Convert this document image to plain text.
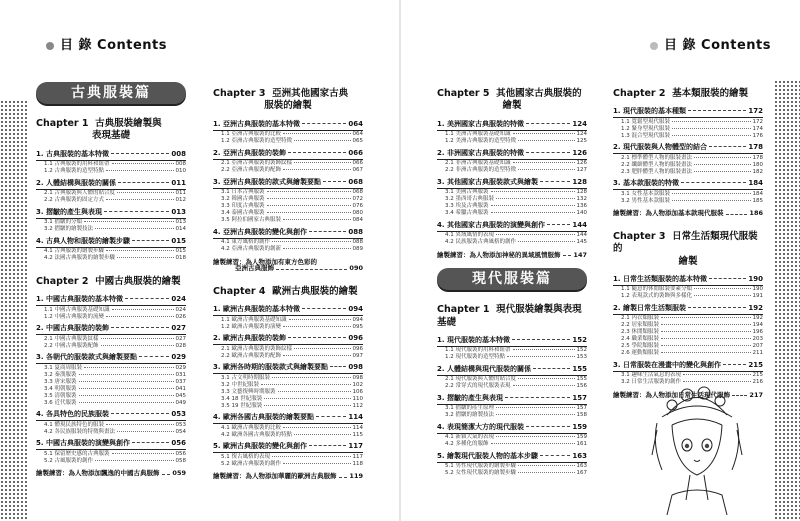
目 錄 Contents	目 錄 Contents
古典服裝篇
Chapter 1 古典服裝繪製與
表現基礎
1. 古典服裝的基本特徵	008
1.1 古典服裝的用料和紐帶	008
1.2 古典服裝的造型特點	010
2. 人體結構與服裝的關係	011
2.1 古典服裝與人體的貼合度	011
2.2 古典服裝的固定方式	012
3. 摺皺的產生與表現	013
3.1 摺皺的分類	013
3.2 摺皺的繪製技法	014
4. 古典人物和服裝的繪製步驟	015
4.1 古典服裝的繪製步驟	015
4.2 法國古典服裝的繪製步驟	018
Chapter 2 中國古典服裝的繪製
1. 中國古典服裝的基本特徵	024
1.1 中國古典服裝基礎知識	024
1.2 中國古典服裝的流變	026
2. 中國古典服裝的裝飾	027
2.1 中國古典服裝紋樣	027
2.2 中國古典服裝配飾	028
3. 各朝代的服裝款式與繪製要點	029
3.1 夏商周服裝	029
3.2 秦漢服裝	031
3.3 唐宋服裝	037
3.4 明朝服裝	041
3.5 清朝服裝	045
3.6 近代服裝	049
4. 各具特色的民族服裝	053
4.1 體現民族特色的服裝	053
4.2 各民族服裝的特徵與畫法	054
5. 中國古典服裝的演變與創作	056
5.1 保留歷史感的古典服裝	056
5.2 古風服裝的創作	058
繪製練習：為人物添加飄逸的中國古典服飾 059
Chapter 3 亞洲其他國家古典
服裝的繪製
1. 亞洲古典服裝的基本特徵	064
1.1 亞洲古典服裝的比較	064
1.2 亞洲古典服裝的造型特徵	065
2. 亞洲古典服裝的裝飾	066
2.1 亞洲古典服裝的裝飾紋樣	066
2.2 亞洲古典服裝的配飾	067
3. 亞洲古典服裝的款式與繪製要點	068
3.1 日本古典服裝	068
3.2 韓國古典服裝	072
3.3 印度古典服裝	076
3.4 泰國古典服裝	080
3.5 阿拉伯國家古典服裝	084
4. 亞洲古典服裝的變化與創作	088
4.1 東方風格的創作	088
4.2 亞洲古典服裝的創新	089
繪製練習：為人物添加有東方色彩的
亞洲古典服飾	090
Chapter 4 歐洲古典服裝的繪製
1. 歐洲古典服裝的基本特徵	094
1.1 歐洲古典服裝基礎知識	094
1.2 歐洲古典服裝的演變	095
2. 歐洲古典服裝的裝飾	096
2.1 歐洲古典服裝的裝飾紋樣	096
2.2 歐洲古典服裝的配飾	097
3. 歐洲各時期的服裝款式與繪製要點	098
3.1 古文明時期服裝	098
3.2 中世紀服裝	102
3.3 文藝復興時期服裝	106
3.4 18 世紀服裝	110
3.5 19 世紀服裝	112
4. 歐洲各國古典服裝的繪製要點	114
4.1 歐洲古典服裝的比較	114
4.2 歐洲各國古典服裝的特點	115
5. 歐洲古典服裝的變化與創作	117
5.1 復古風格的表現	117
5.2 歐洲古典服裝的創作	118
繪製練習：為人物添加華麗的歐洲古典服飾 119
Chapter 5 其他國家古典服裝的
繪製
1. 美洲國家古典服裝的特徵	124
1.1 美洲古典服裝基礎知識	124
1.2 美洲古典服裝的造型特徵	125
2. 非洲國家古典服裝的特徵	126
2.1 非洲古典服裝基礎知識	126
2.2 非洲古典服裝的造型特徵	127
3. 其他國家古典服裝款式與繪製	128
3.1 美國古典服裝	128
3.2 墨西哥古典服裝	132
3.3 埃及古典服裝	136
3.4 希臘古典服裝	140
4. 其他國家古典服裝的演變與創作	144
4.1 異域風情的表現	144
4.2 民族服裝古典風格的創作	145
繪製練習：為人物添加神秘的異域風情服飾 147
現代服裝篇
Chapter 1 現代服裝繪製與表現基礎
1. 現代服裝的基本特徵	152
1.1 現代服裝的用料和紐帶	152
1.2 現代服裝的造型特點	153
2. 人體結構與現代服裝的關係	155
2.1 現代服裝與人體的貼合度	155
2.2 常穿式的現代服裝表現	156
3. 摺皺的產生與表現	157
3.1 摺皺的產生原理	157
3.2 摺皺的繪製技法	158
4. 表現簡潔大方的現代服裝	159
4.1 新穎大氣的表現	159
4.2 多種化的服飾	161
5. 繪製現代服裝人物的基本步驟	163
5.1 男性現代服裝的繪製步驟	163
5.2 女性現代服裝的繪製步驟	167
Chapter 2 基本類服裝的繪製
1. 現代服裝的基本種類	172
1.1 寬鬆型現代服裝	172
1.2 緊身型現代服裝	174
1.3 混合型現代服裝	176
2. 現代服裝與人物體型的結合	178
2.1 標準體型人物的服裝畫法	178
2.2 纖細體型人物的服裝畫法	180
2.3 肥胖體型人物的服裝畫法	182
3. 基本款服裝的特徵	184
3.1 女性基本款服裝	184
3.2 男性基本款服裝	185
繪製練習：為人物添加基本款現代服裝	186
Chapter 3 日常生活類現代服裝的
繪製
1. 日常生活類服裝的基本特徵	190
1.1 隨意的休閒服裝要素分類	190
1.2 表現款式的裝飾與多樣化	191
2. 繪製日常生活類服裝	192
2.1 內衣類服裝	192
2.2 居家類服裝	194
2.3 休閒類服裝	196
2.4 職業類服裝	203
2.5 學院類服裝	207
2.6 運動類服裝	211
3. 日常服裝在漫畫中的變化與創作	215
3.1 趣味生活氣息的表現	215
3.2 日常生活服裝的創作	216
繪製練習：為人物添加日常生活現代服飾	217
